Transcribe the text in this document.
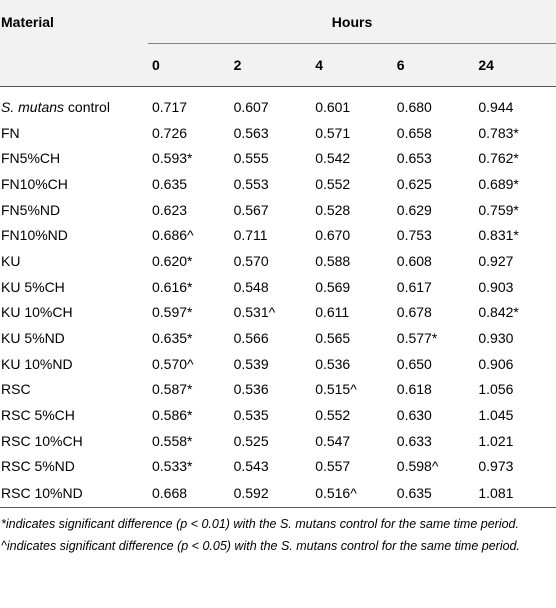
Material	Hours				
	0	2	4	6	24

S. mutans control	0.717	0.607	0.601	0.680	0.944
FN	0.726	0.563	0.571	0.658	0.783*
FN5%CH	0.593*	0.555	0.542	0.653	0.762*
FN10%CH	0.635	0.553	0.552	0.625	0.689*
FN5%ND	0.623	0.567	0.528	0.629	0.759*
FN10%ND	0.686^	0.711	0.670	0.753	0.831*
KU	0.620*	0.570	0.588	0.608	0.927
KU 5%CH	0.616*	0.548	0.569	0.617	0.903
KU 10%CH	0.597*	0.531^	0.611	0.678	0.842*
KU 5%ND	0.635*	0.566	0.565	0.577*	0.930
KU 10%ND	0.570^	0.539	0.536	0.650	0.906
RSC	0.587*	0.536	0.515^	0.618	1.056
RSC 5%CH	0.586*	0.535	0.552	0.630	1.045
RSC 10%CH	0.558*	0.525	0.547	0.633	1.021
RSC 5%ND	0.533*	0.543	0.557	0.598^	0.973
RSC 10%ND	0.668	0.592	0.516^	0.635	1.081

*indicates significant difference (p < 0.01) with the S. mutans control for the same time period.

^indicates significant difference (p < 0.05) with the S. mutans control for the same time period.
